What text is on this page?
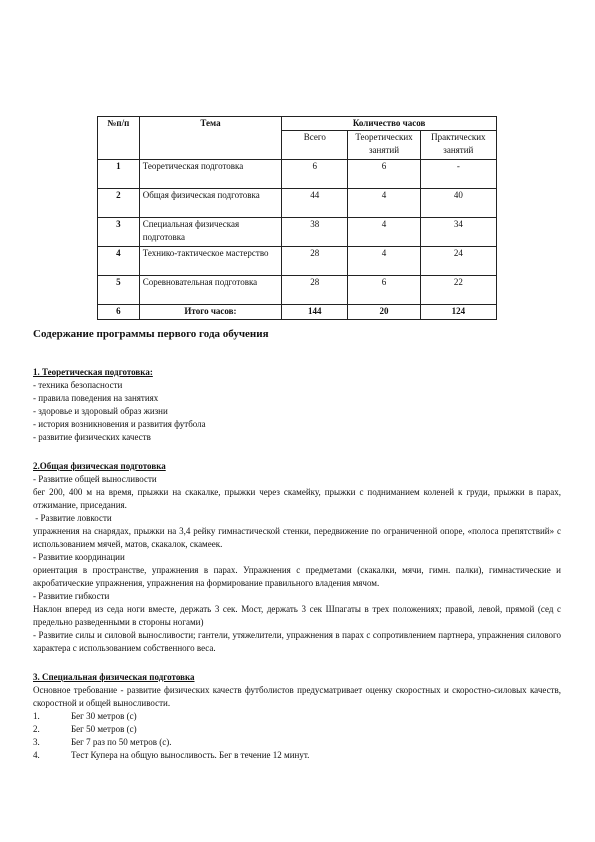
№п/п	Тема	Количество часов		
		Всего	Теоретических занятий	Практических занятий
1	Теоретическая подготовка	6	6	-
2	Общая физическая подготовка	44	4	40
3	Специальная физическая подготовка	38	4	34
4	Технико-тактическое мастерство	28	4	24
5	Соревновательная подготовка	28	6	22
6	Итого часов:	144	20	124
Содержание программы первого года обучения

1. Теоретическая подготовка:

- техника безопасности

- правила поведения на занятиях

- здоровье и здоровый образ жизни

- история возникновения и развития футбола

- развитие физических качеств

2.Общая физическая подготовка

- Развитие общей выносливости

бег 200, 400 м на время, прыжки на скакалке, прыжки через скамейку, прыжки с подниманием коленей к груди, прыжки в парах, отжимание, приседания.

- Развитие ловкости

упражнения на снарядах, прыжки на 3,4 рейку гимнастической стенки, передвижение по ограниченной опоре, «полоса препятствий» с использованием мячей, матов, скакалок, скамеек.

- Развитие координации

ориентация в пространстве, упражнения в парах. Упражнения с предметами (скакалки, мячи, гимн. палки), гимнастические и акробатические упражнения, упражнения на формирование правильного владения мячом.

- Развитие гибкости

Наклон вперед из седа ноги вместе, держать 3 сек. Мост, держать 3 сек Шпагаты в трех положениях; правой, левой, прямой (сед с предельно разведенными в стороны ногами)

- Развитие силы и силовой выносливости; гантели, утяжелители, упражнения в парах с сопротивлением партнера, упражнения силового характера с использованием собственного веса.

3. Специальная физическая подготовка

Основное требование - развитие физических качеств футболистов предусматривает оценку скоростных и скоростно-силовых качеств, скоростной и общей выносливости.

1.	Бег 30 метров (с)
2.	Бег 50 метров (с)
3.	Бег 7 раз по 50 метров (с).
4.	Тест Купера на общую выносливость. Бег в течение 12 минут.
